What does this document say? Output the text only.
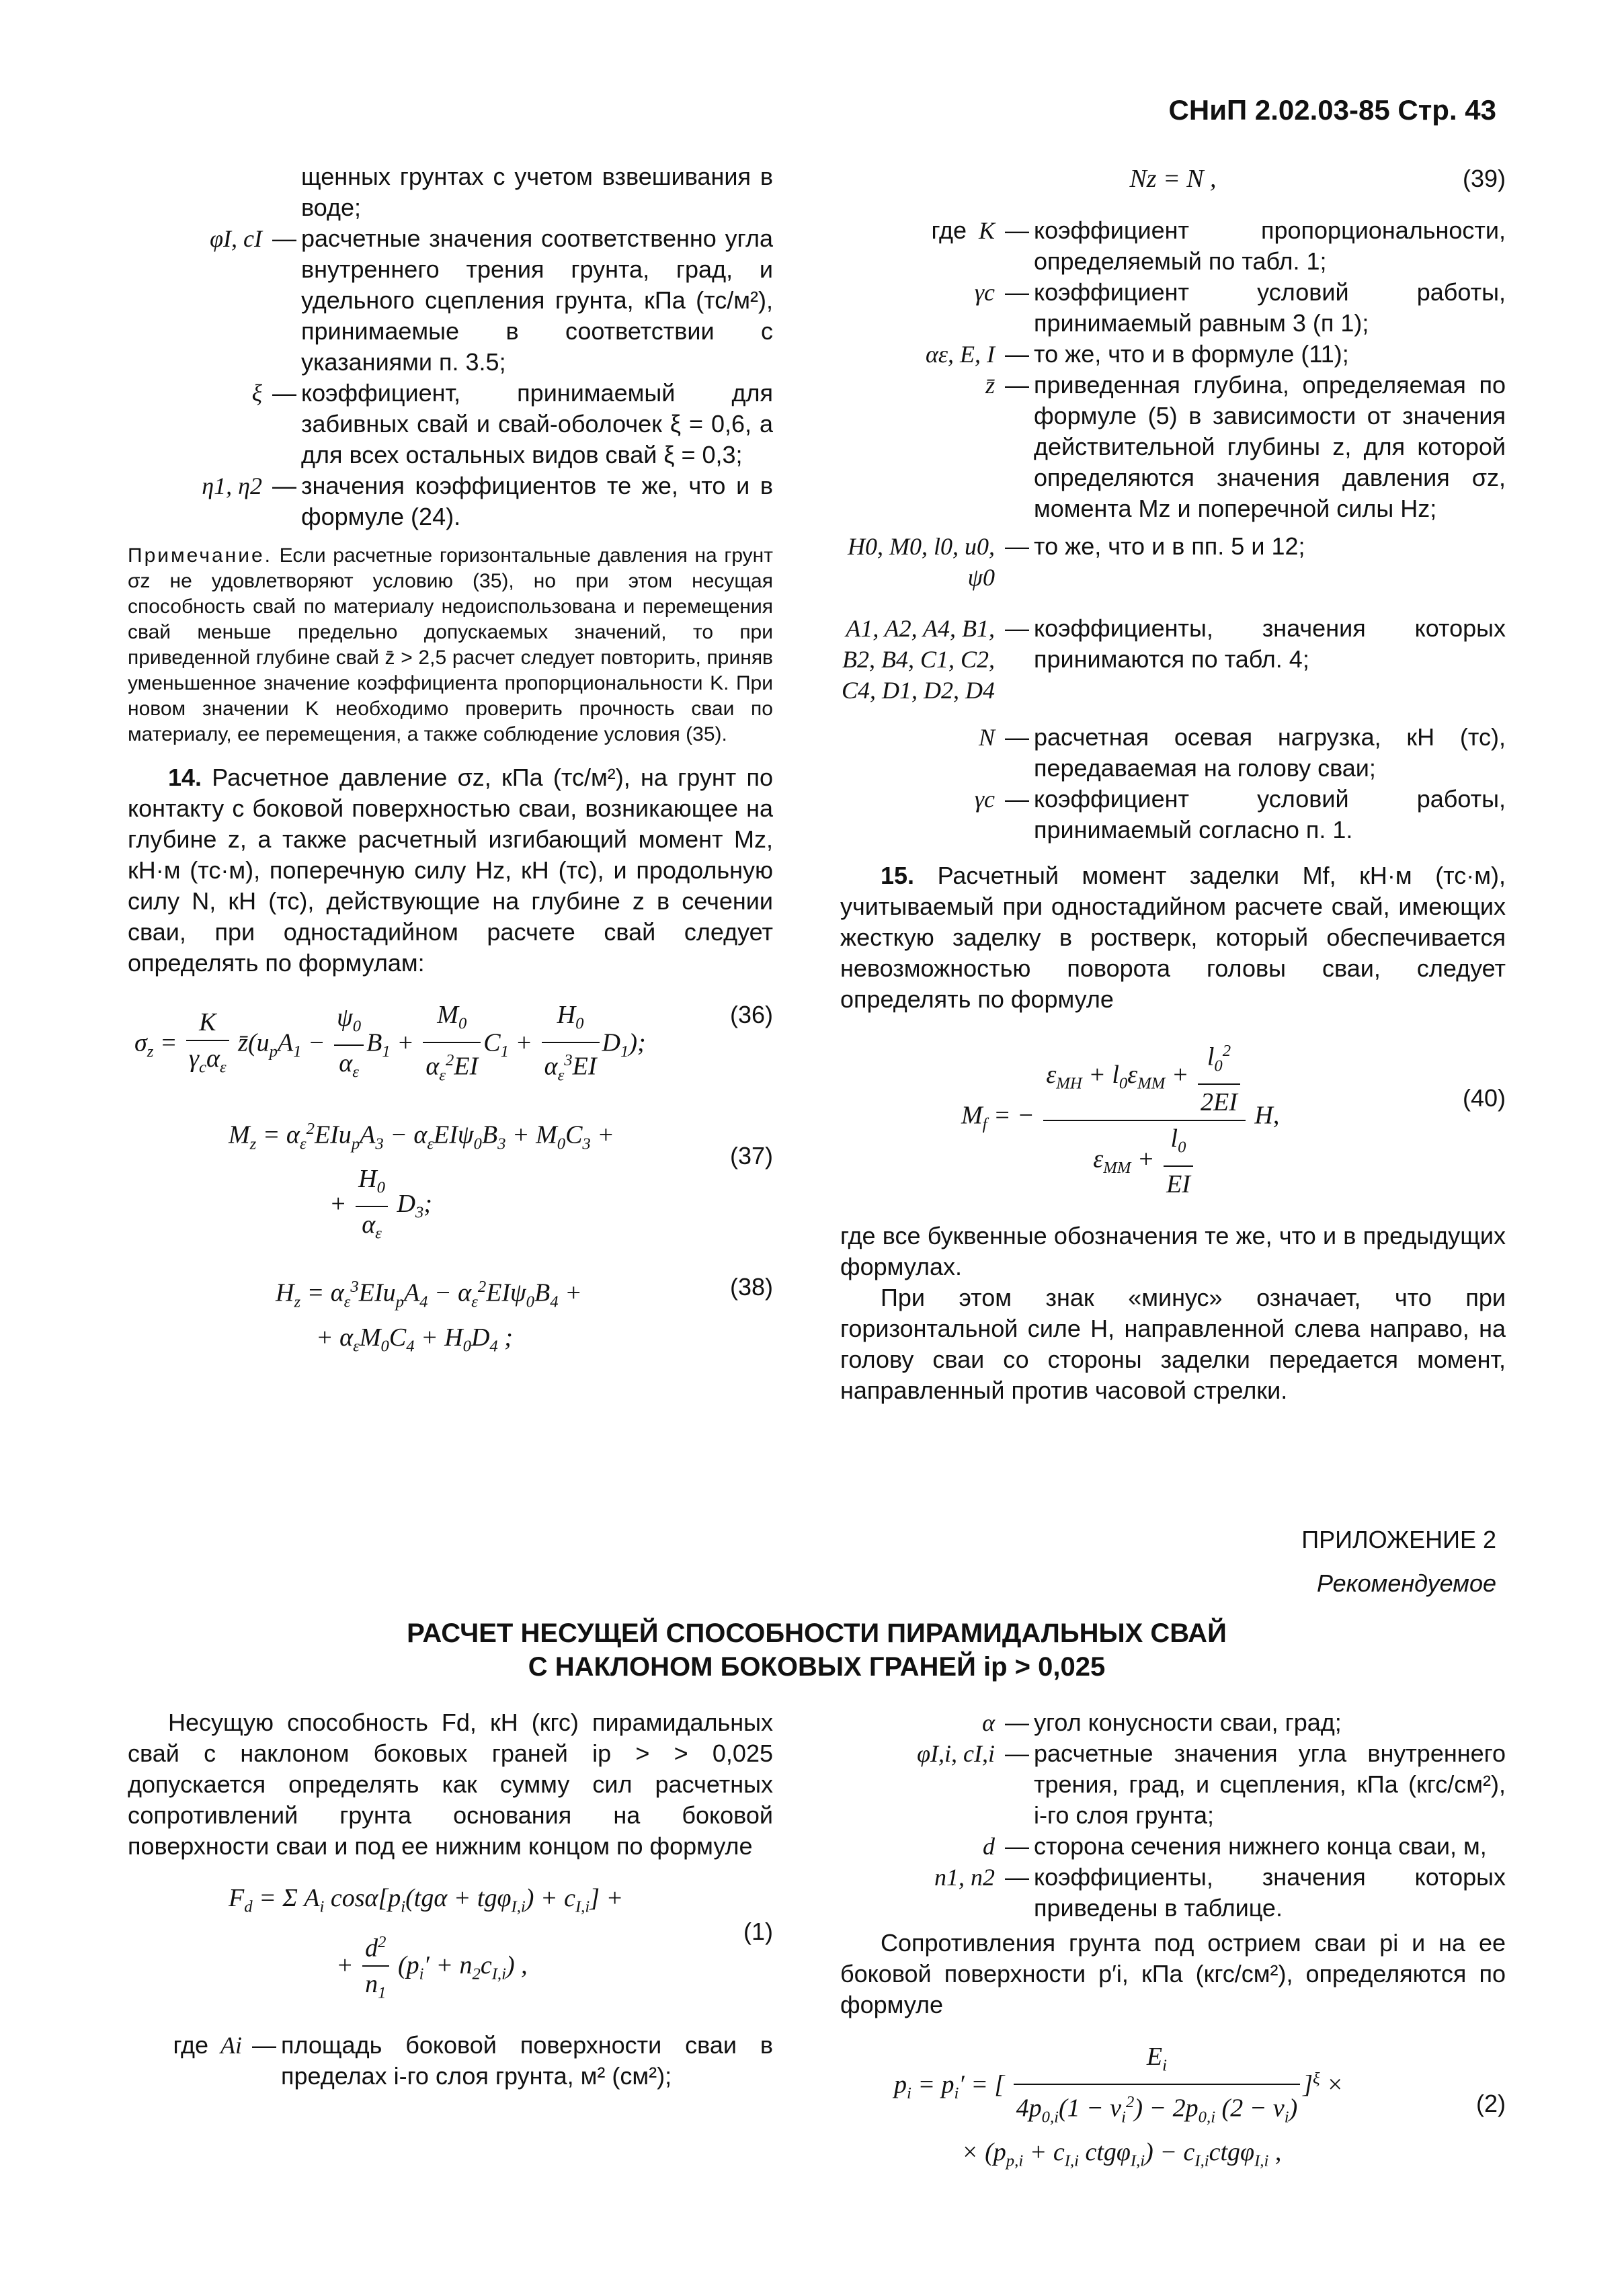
СНиП 2.02.03-85 Стр. 43
щенных грунтах с учетом взвешивания в воде;
φI, cI — расчетные значения соответственно угла внутреннего трения грунта, град, и удельного сцепления грунта, кПа (тс/м²), принимаемые в соответствии с указаниями п. 3.5;
ξ — коэффициент, принимаемый для забивных свай и свай-оболочек ξ = 0,6, а для всех остальных видов свай ξ = 0,3;
η1, η2 — значения коэффициентов те же, что и в формуле (24).
Примечание. Если расчетные горизонтальные давления на грунт σz не удовлетворяют условию (35), но при этом несущая способность свай по материалу недоиспользована и перемещения свай меньше предельно допускаемых значений, то при приведенной глубине свай z̄ > 2,5 расчет следует повторить, приняв уменьшенное значение коэффициента пропорциональности K. При новом значении K необходимо проверить прочность сваи по материалу, ее перемещения, а также соблюдение условия (35).

14. Расчетное давление σz, кПа (тс/м²), на грунт по контакту с боковой поверхностью сваи, возникающее на глубине z, а также расчетный изгибающий момент Mz, кН·м (тс·м), поперечную силу Hz, кН (тс), и продольную силу N, кН (тс), действующие на глубине z в сечении сваи, при одностадийном расчете свай следует определять по формулам:

$\sigma_z = \frac{K}{\gamma_c\alpha_\varepsilon}$ $z̄(u_pA_1 - \frac{\psi_0}{\alpha_\varepsilon} B_1 + \frac{M_0}{\alpha_\varepsilon^2EI} C_1 + \frac{H_0}{\alpha_\varepsilon^3EI} D_1)$;
(36)
$M_z = \alpha_\varepsilon^2EIu_pA_3 - \alpha_\varepsilon EI\psi_0B_3 + M_0C_3$ +
+ $\frac{H_0}{\alpha_\varepsilon} D_3$;
(37)
$H_z = \alpha_\varepsilon^3EIu_pA_4 - \alpha_\varepsilon^2EI\psi_0B_4$ +
+ $\alpha_\varepsilon M_0C_4 + H_0D_4$ ;
(38)
Nz = N ,	(39)
где K — коэффициент пропорциональности, определяемый по табл. 1;
γc — коэффициент условий работы, принимаемый равным 3 (п 1);
αε, E, I — то же, что и в формуле (11);
z̄ — приведенная глубина, определяемая по формуле (5) в зависимости от значения действительной глубины z, для которой определяются значения давления σz, момента Mz и поперечной силы Hz;
H0, M0, l0, u0, ψ0
— то же, что и в пп. 5 и 12;
A1, A2, A4, B1, B2, B4, C1, C2, C4, D1, D2, D4
— коэффициенты, значения которых принимаются по табл. 4;
N — расчетная осевая нагрузка, кН (тс), передаваемая на голову сваи;
γc — коэффициент условий работы, принимаемый согласно п. 1.

15. Расчетный момент заделки Mf, кН·м (тс·м), учитываемый при одностадийном расчете свай, имеющих жесткую заделку в ростверк, который обеспечивается невозможностью поворота головы сваи, следует определять по формуле

$M_f$ = − $\frac{\varepsilon_{MH} + l_0\varepsilon_{MM} + \frac{l_0^2}{2EI}}{\varepsilon_{MM} + \frac{l_0}{EI}} H$,
(40)

где все буквенные обозначения те же, что и в предыдущих формулах.

При этом знак «минус» означает, что при горизонтальной силе H, направленной слева направо, на голову сваи со стороны заделки передается момент, направленный против часовой стрелки.

ПРИЛОЖЕНИЕ 2
Рекомендуемое
РАСЧЕТ НЕСУЩЕЙ СПОСОБНОСТИ ПИРАМИДАЛЬНЫХ СВАЙ
С НАКЛОНОМ БОКОВЫХ ГРАНЕЙ ip > 0,025

Несущую способность Fd, кН (кгс) пирамидальных свай с наклоном боковых граней ip > > 0,025 допускается определять как сумму сил расчетных сопротивлений грунта основания на боковой поверхности сваи и под ее нижним концом по формуле

$F_d = \Sigma$ $A_i$ $\cos\alpha[p_i(tg\alpha + tg\varphi_{I,i}) + c_{I,i}]$ +
+ $\frac{d^2}{n_1} (p_i' + n_2c_{I,i})$ ,
(1)
где Ai — площадь боковой поверхности сваи в пределах i-го слоя грунта, м² (см²);
α — угол конусности сваи, град;
φI,i, cI,i — расчетные значения угла внутреннего трения, град, и сцепления, кПа (кгс/см²), i-го слоя грунта;
d — сторона сечения нижнего конца сваи, м,
n1, n2 — коэффициенты, значения которых приведены в таблице.

Сопротивления грунта под острием сваи pi и на ее боковой поверхности p′i, кПа (кгс/см²), определяются по формуле

$p_i = p_i'$ = [ $\frac{E_i}{4p_{0,i}(1 - \nu_i^2) - 2p_{0,i} (2 - \nu_i)} ]^\xi$ ×
× ($p_{p,i} + c_{I,i}$ $ctg\varphi_{I,i}) - c_{I,i}ctg\varphi_{I,i}$ ,
(2)
